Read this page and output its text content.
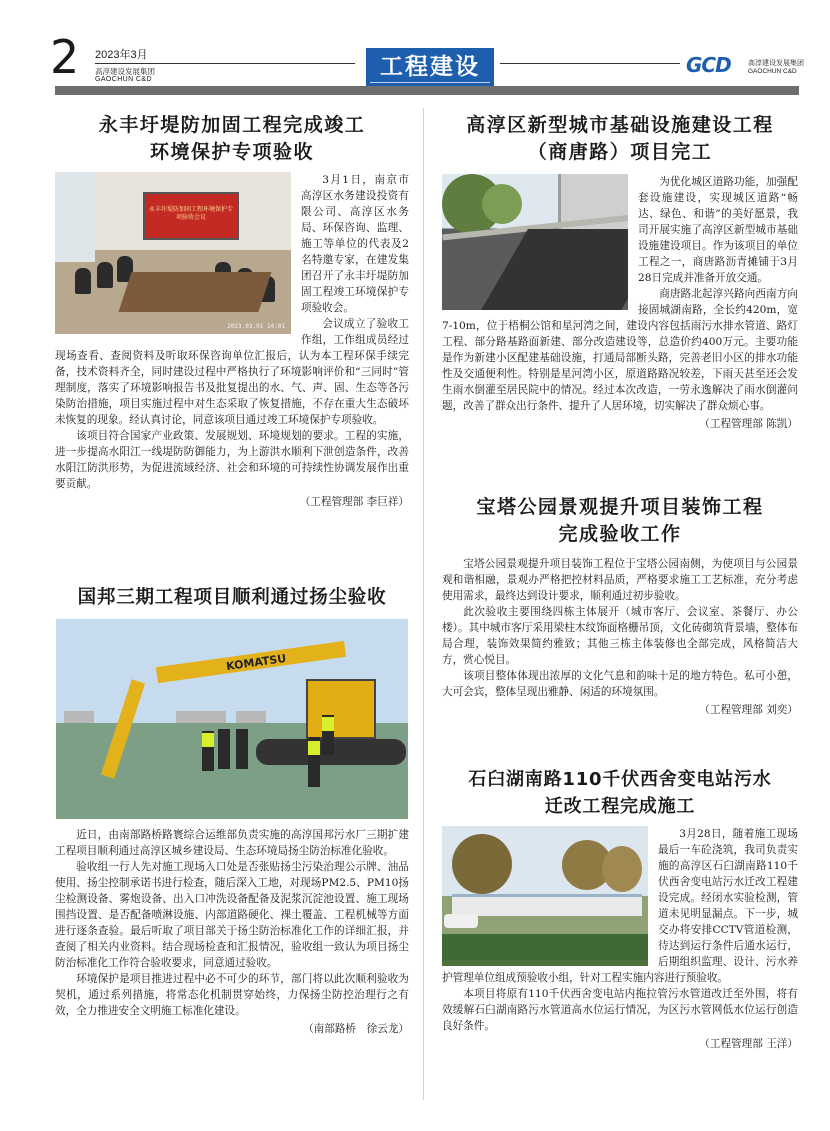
2 2023年3月
高淳建设发展集团
GAOCHUN C&D	工程建设	GCD 高淳建设发展集团
GAOCHUN C&D
永丰圩堤防加固工程完成竣工
环境保护专项验收
永丰圩堤防加固工程环境保护专项验收会议
2023.03.01 14:01

3月1日，南京市高淳区水务建设投资有限公司、高淳区水务局、环保咨询、监理、施工等单位的代表及2名特邀专家，在建发集团召开了永丰圩堤防加固工程竣工环境保护专项验收会。

会议成立了验收工作组，工作组成员经过现场查看、查阅资料及听取环保咨询单位汇报后，认为本工程环保手续完备，技术资料齐全，同时建设过程中严格执行了环境影响评价和“三同时”管理制度，落实了环境影响报告书及批复提出的水、气、声、固、生态等各污染防治措施，项目实施过程中对生态采取了恢复措施，不存在重大生态破坏未恢复的现象。经认真讨论，同意该项目通过竣工环境保护专项验收。

该项目符合国家产业政策、发展规划、环境规划的要求。工程的实施，进一步提高水阳江一线堤防防御能力，为上游洪水顺利下泄创造条件，改善水阳江防洪形势，为促进流域经济、社会和环境的可持续性协调发展作出重要贡献。

（工程管理部 李巨祥）
国邦三期工程项目顺利通过扬尘验收
KOMATSU

近日，由南部路桥路寰综合运维部负责实施的高淳国邦污水厂三期扩建工程项目顺利通过高淳区城乡建设局、生态环境局扬尘防治标准化验收。

验收组一行人先对施工现场入口处是否张贴扬尘污染治理公示牌、油品使用、扬尘控制承诺书进行检查，随后深入工地，对现场PM2.5、PM10扬尘检测设备、雾炮设备、出入口冲洗设备配备及泥浆沉淀池设置、施工现场围挡设置、是否配备喷淋设施、内部道路硬化、裸土覆盖、工程机械等方面进行逐条查验。最后听取了项目部关于扬尘防治标准化工作的详细汇报，并查阅了相关内业资料。结合现场检查和汇报情况，验收组一致认为项目扬尘防治标准化工作符合验收要求，同意通过验收。

环境保护是项目推进过程中必不可少的环节，部门将以此次顺利验收为契机，通过系列措施，将常态化机制贯穿始终，力保扬尘防控治理行之有效，全力推进安全文明施工标准化建设。

（南部路桥　徐云龙）
高淳区新型城市基础设施建设工程
（商唐路）项目完工

为优化城区道路功能，加强配套设施建设，实现城区道路“畅达、绿色、和谐”的美好愿景，我司开展实施了高淳区新型城市基础设施建设项目。作为该项目的单位工程之一，商唐路沥青摊铺于3月28日完成并准备开放交通。

商唐路北起淳兴路向西南方向接固城湖南路，全长约420m，宽7-10m，位于梧桐公馆和星河湾之间，建设内容包括雨污水排水管道、路灯工程、部分路基路面新建、部分改造建设等，总造价约400万元。主要功能是作为新建小区配建基础设施，打通局部断头路，完善老旧小区的排水功能性及交通便利性。特别是星河湾小区，原道路路况较差，下雨天甚至还会发生雨水倒灌至居民院中的情况。经过本次改造，一劳永逸解决了雨水倒灌问题，改善了群众出行条件、提升了人居环境，切实解决了群众烦心事。

（工程管理部 陈凯）
宝塔公园景观提升项目装饰工程
完成验收工作

宝塔公园景观提升项目装饰工程位于宝塔公园南侧，为使项目与公园景观和谐相融，景观办严格把控材料品质，严格要求施工工艺标准，充分考虑使用需求，最终达到设计要求，顺利通过初步验收。

此次验收主要围绕四栋主体展开（城市客厅、会议室、茶餐厅、办公楼）。其中城市客厅采用梁柱木纹饰面格栅吊顶，文化砖砌筑背景墙，整体布局合理，装饰效果简约雅致；其他三栋主体装修也全部完成，风格简洁大方，赏心悦目。

该项目整体体现出浓厚的文化气息和韵味十足的地方特色。私可小憩，大可会宾，整体呈现出雅静、闲适的环境氛围。

（工程管理部 刘奕）
石臼湖南路110千伏西舍变电站污水
迁改工程完成施工

3月28日，随着施工现场最后一车砼浇筑，我司负责实施的高淳区石臼湖南路110千伏西舍变电站污水迁改工程建设完成。经闭水实验检测，管道未见明显漏点。下一步，城交办将安排CCTV管道检测，待达到运行条件后通水运行，后期组织监理、设计、污水养护管理单位组成预验收小组，针对工程实施内容进行预验收。

本项目将原有110千伏西舍变电站内拖拉管污水管道改迁至外围，将有效缓解石臼湖南路污水管道高水位运行情况，为区污水管网低水位运行创造良好条件。

（工程管理部 王洋）
